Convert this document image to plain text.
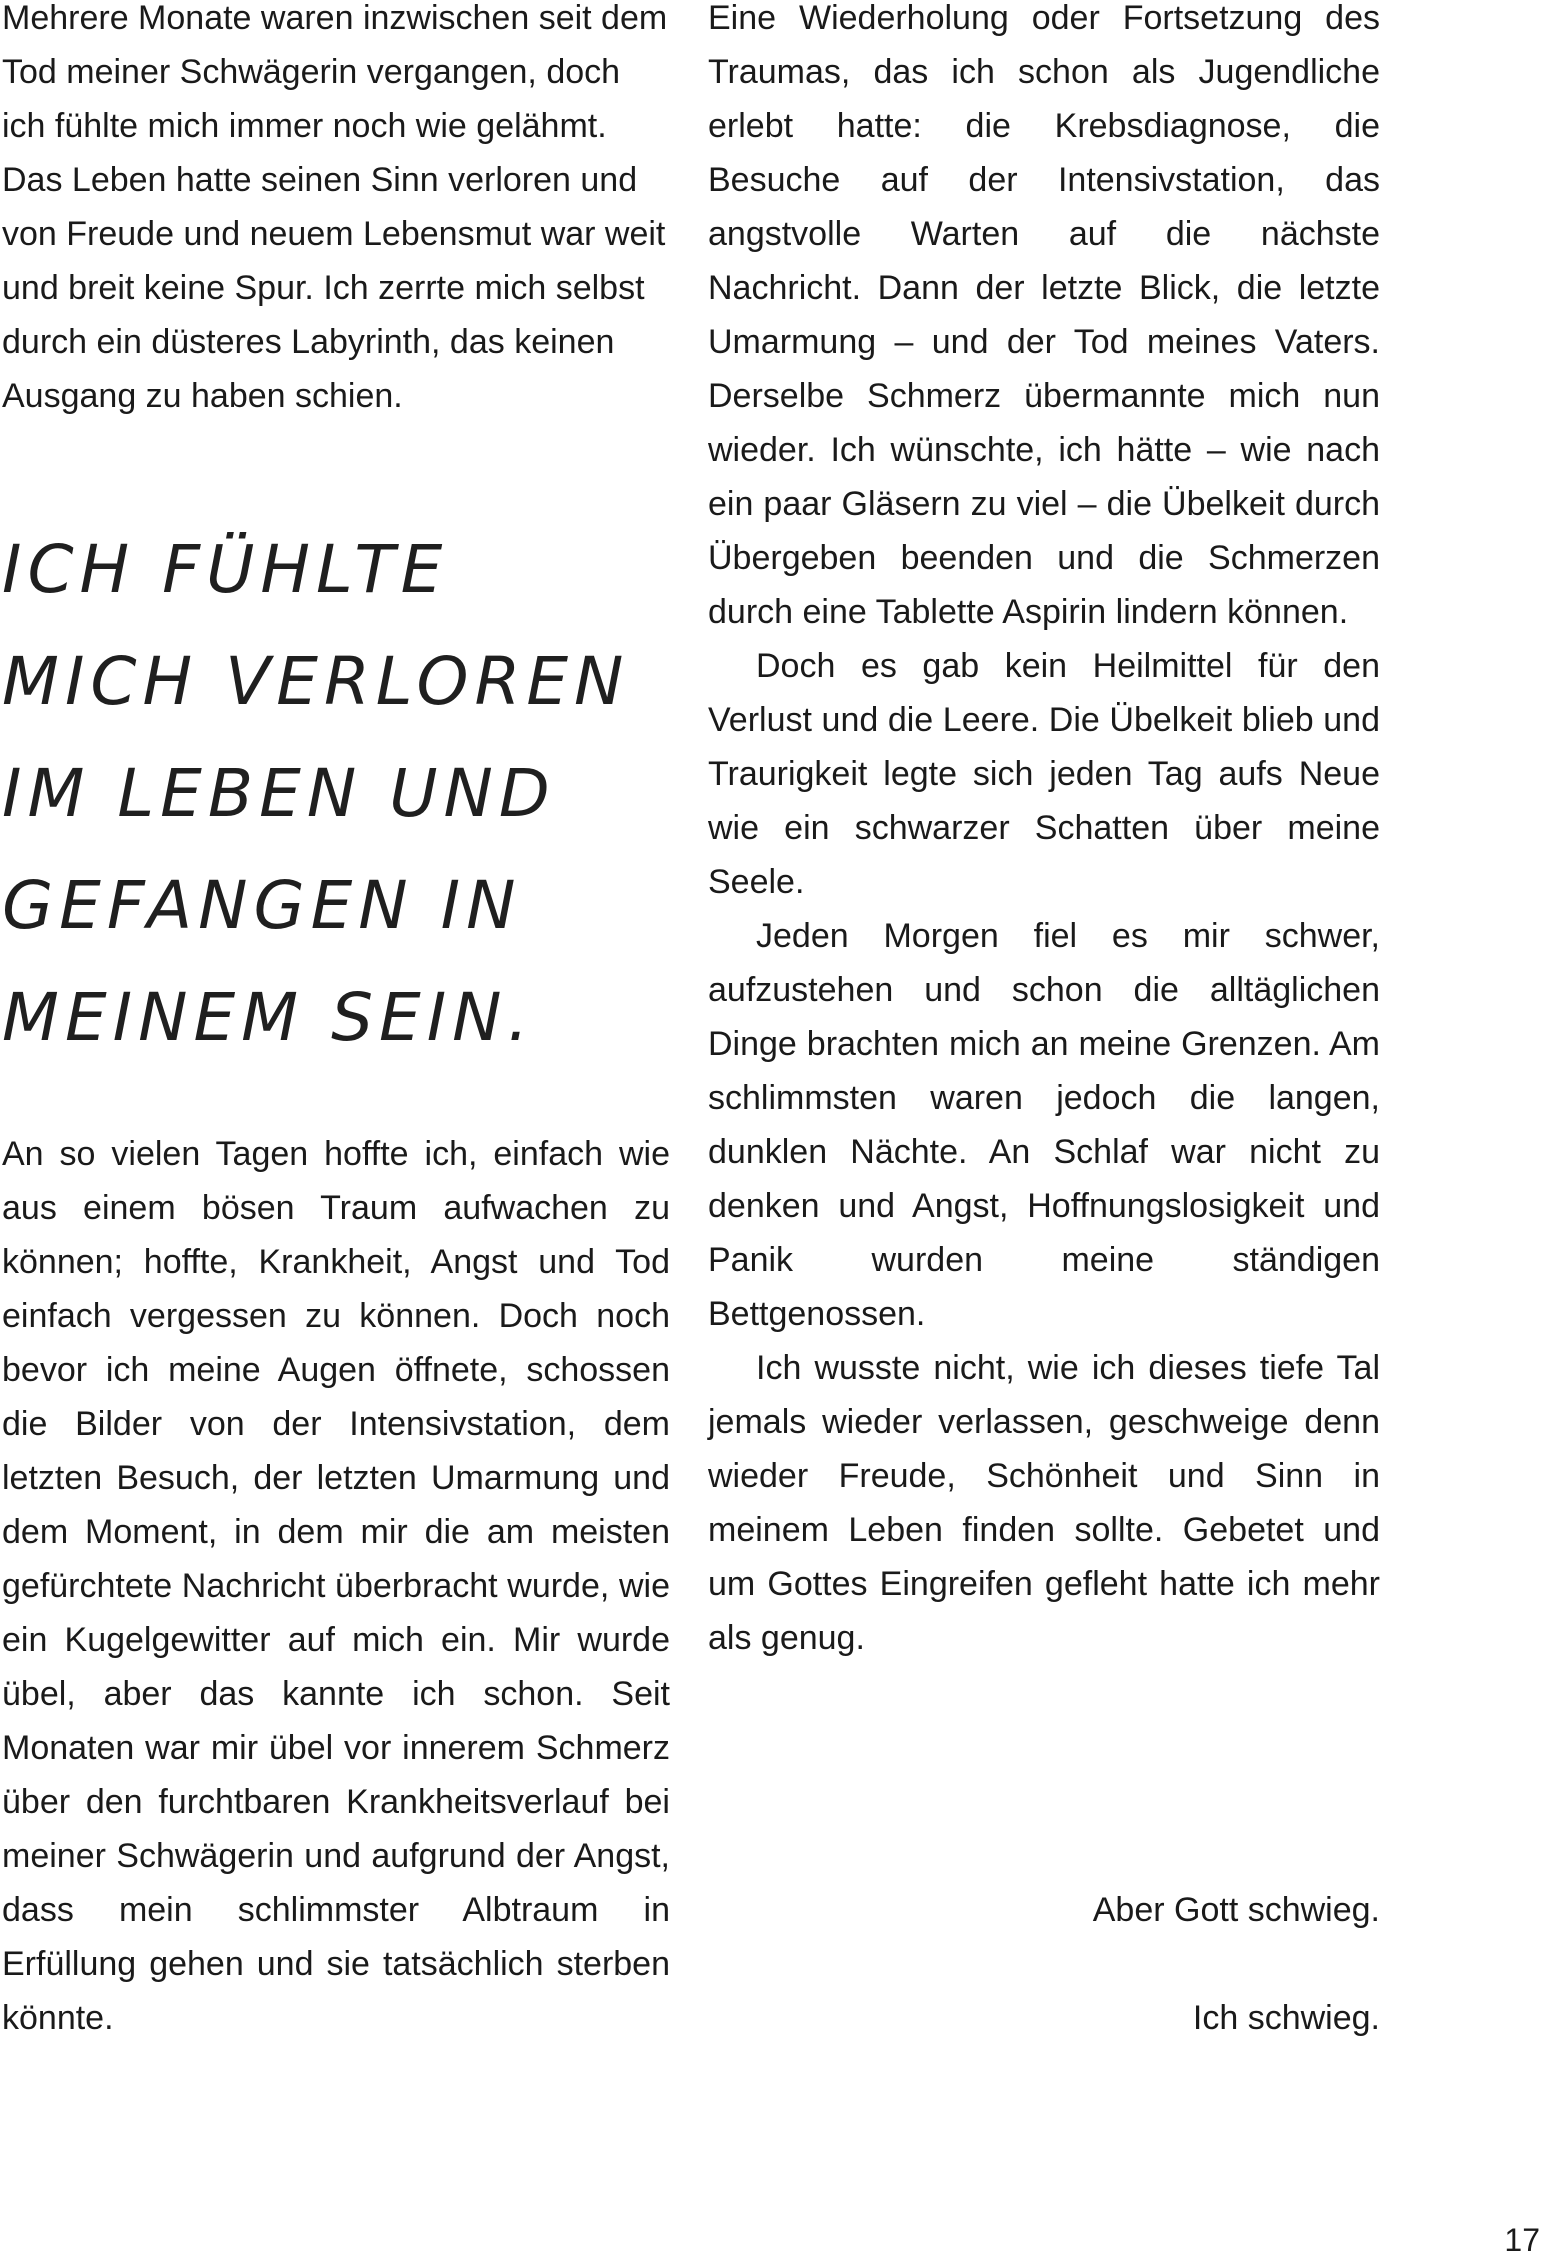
Mehrere Monate waren inzwischen seit dem Tod meiner Schwägerin vergangen, doch ich fühlte mich immer noch wie gelähmt. Das Leben hatte seinen Sinn verloren und von Freude und neuem Lebensmut war weit und breit keine Spur. Ich zerrte mich selbst durch ein düsteres Labyrinth, das keinen Ausgang zu haben schien.

ICH FÜHLTE
MICH VERLOREN
IM LEBEN UND
GEFANGEN IN
MEINEM SEIN.

An so vielen Tagen hoffte ich, einfach wie aus einem bösen Traum aufwachen zu können; hoffte, Krankheit, Angst und Tod einfach vergessen zu können. Doch noch bevor ich meine Augen öffnete, schossen die Bilder von der Intensivstation, dem letzten Besuch, der letzten Umarmung und dem Moment, in dem mir die am meisten gefürchtete Nachricht überbracht wurde, wie ein Kugelgewitter auf mich ein. Mir wurde übel, aber das kannte ich schon. Seit Monaten war mir übel vor innerem Schmerz über den furchtbaren Krankheitsverlauf bei meiner Schwägerin und aufgrund der Angst, dass mein schlimmster Albtraum in Erfüllung gehen und sie tatsächlich sterben könnte.

Eine Wiederholung oder Fortsetzung des Traumas, das ich schon als Jugendliche erlebt hatte: die Krebsdiagnose, die Besuche auf der Intensivstation, das angstvolle Warten auf die nächste Nachricht. Dann der letzte Blick, die letzte Umarmung – und der Tod meines Vaters. Derselbe Schmerz übermannte mich nun wieder. Ich wünschte, ich hätte – wie nach ein paar Gläsern zu viel – die Übelkeit durch Übergeben beenden und die Schmerzen durch eine Tablette Aspirin lindern können.

Doch es gab kein Heilmittel für den Verlust und die Leere. Die Übelkeit blieb und Traurigkeit legte sich jeden Tag aufs Neue wie ein schwarzer Schatten über meine Seele.

Jeden Morgen fiel es mir schwer, aufzustehen und schon die alltäglichen Dinge brachten mich an meine Grenzen. Am schlimmsten waren jedoch die langen, dunklen Nächte. An Schlaf war nicht zu denken und Angst, Hoffnungslosigkeit und Panik wurden meine ständigen Bettgenossen.

Ich wusste nicht, wie ich dieses tiefe Tal jemals wieder verlassen, geschweige denn wieder Freude, Schönheit und Sinn in meinem Leben finden sollte. Gebetet und um Gottes Eingreifen gefleht hatte ich mehr als genug.

Aber Gott schwieg.

Ich schwieg.

17
